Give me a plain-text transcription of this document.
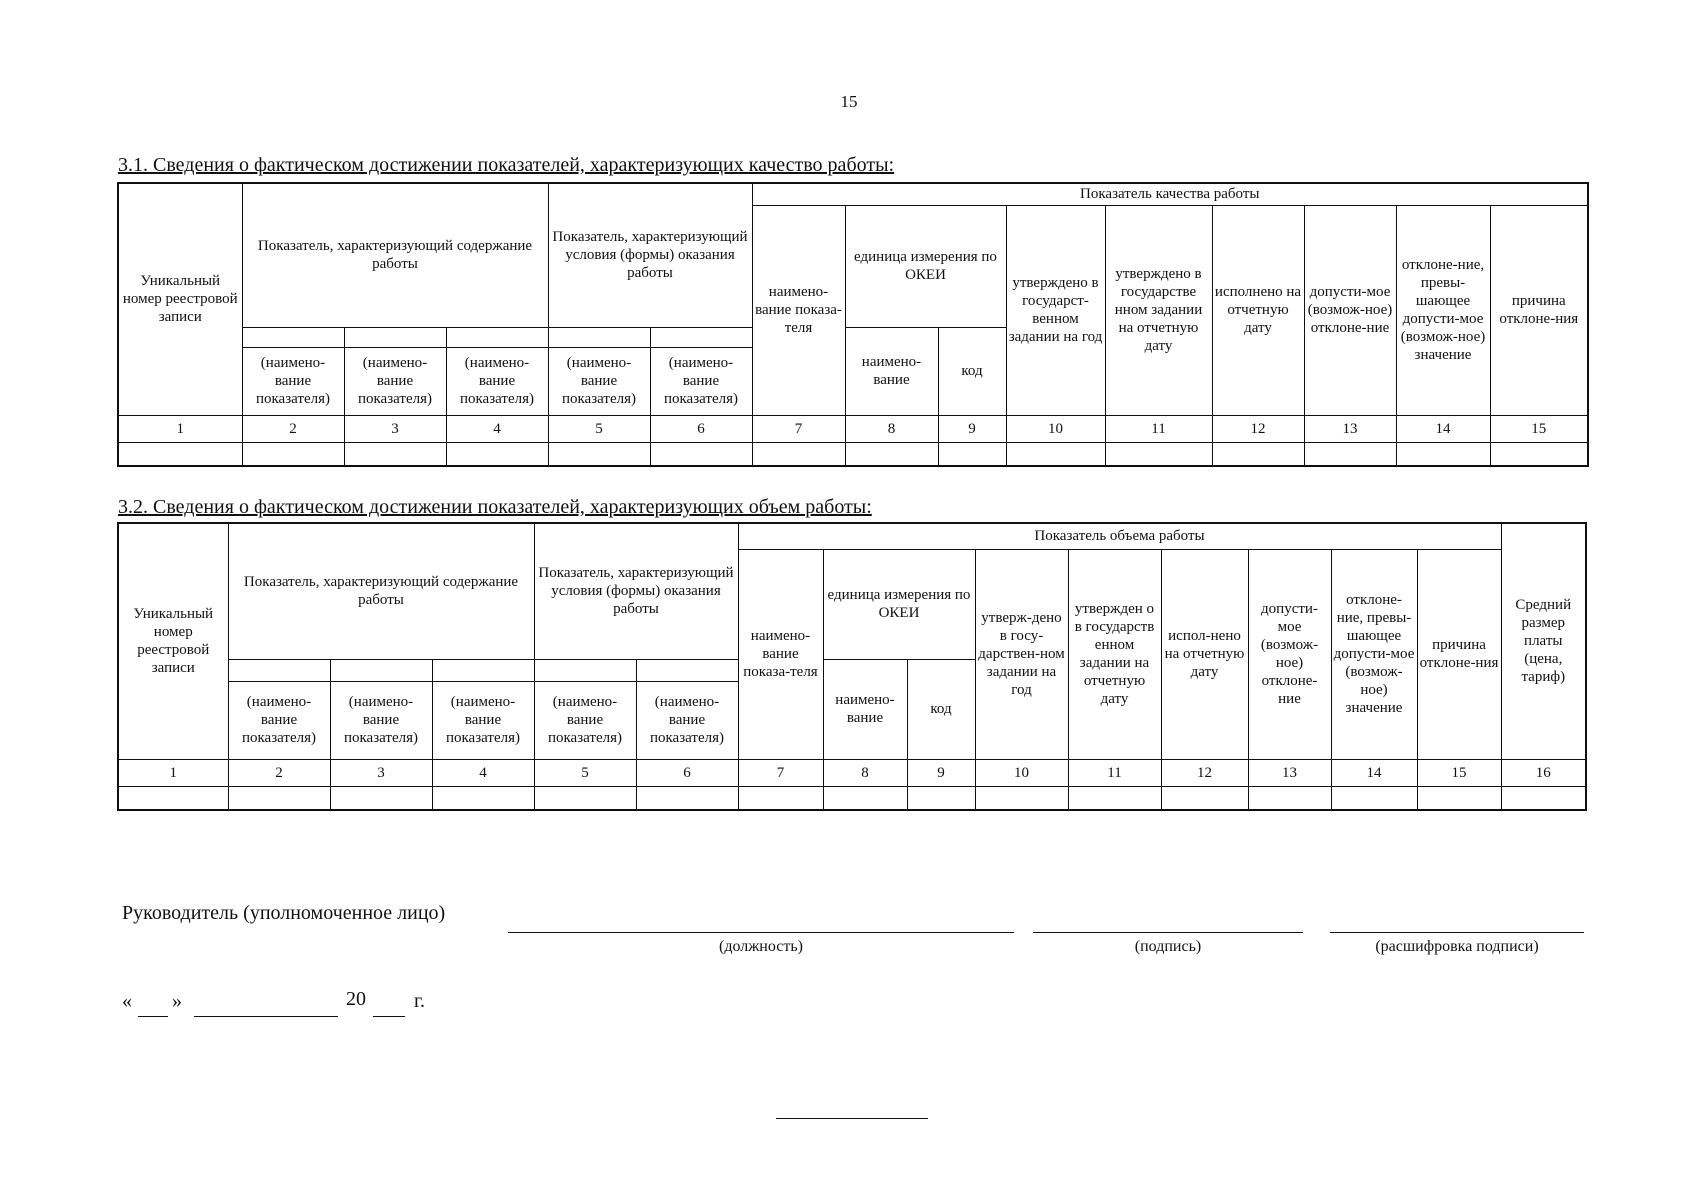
15
3.1. Сведения о фактическом достижении показателей, характеризующих качество работы:
Уникальный номер реестровой записи	Показатель, характеризующий содержание работы			Показатель, характеризующий условия (формы) оказания работы		Показатель качества работы								
						наимено-вание показа-теля	единица измерения по ОКЕИ		утверждено в государст-венном задании на год	утверждено в государстве нном задании на отчетную дату	исполнено на отчетную дату	допусти-мое (возмож-ное) отклоне-ние	отклоне-ние, превы-шающее допусти-мое (возмож-ное) значение	причина отклоне-ния
							наимено-вание	код						
	(наимено-вание показателя)	(наимено-вание показателя)	(наимено-вание показателя)	(наимено-вание показателя)	(наимено-вание показателя)									
1	2	3	4	5	6	7	8	9	10	11	12	13	14	15

3.2. Сведения о фактическом достижении показателей, характеризующих объем работы:
Уникальный номер реестровой записи	Показатель, характеризующий содержание работы			Показатель, характеризующий условия (формы) оказания работы		Показатель объема работы									Средний размер платы (цена, тариф)
						наимено-вание показа-теля	единица измерения по ОКЕИ		утверж-дено в госу-дарствен-ном задании на год	утвержден о в государств енном задании на отчетную дату	испол-нено на отчетную дату	допусти-мое (возмож-ное) отклоне-ние	отклоне-ние, превы-шающее допусти-мое (возмож-ное) значение	причина отклоне-ния	
							наимено-вание	код							
	(наимено-вание показателя)	(наимено-вание показателя)	(наимено-вание показателя)	(наимено-вание показателя)	(наимено-вание показателя)										
1	2	3	4	5	6	7	8	9	10	11	12	13	14	15	16

Руководитель (уполномоченное лицо)
(должность)	(подпись)	(расшифровка подписи)
« »	20 г.
